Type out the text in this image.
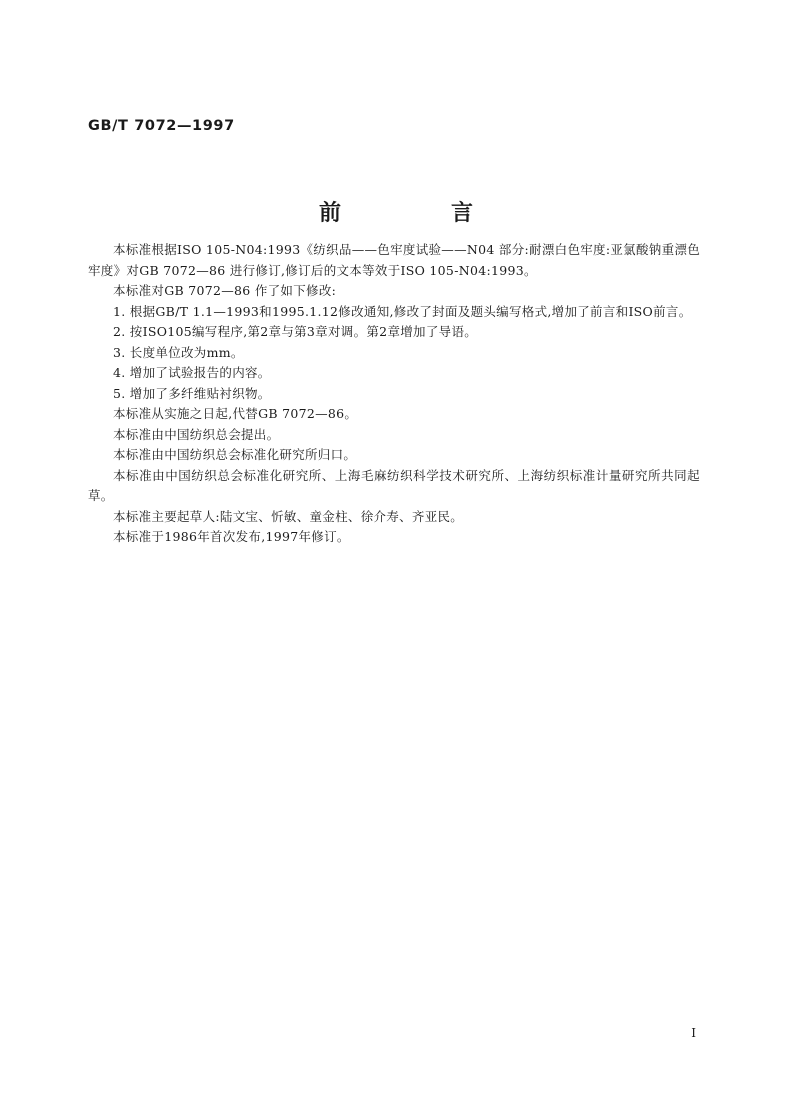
GB/T 7072—1997
前　言

本标准根据ISO 105-N04:1993《纺织品——色牢度试验——N04 部分:耐漂白色牢度:亚氯酸钠重漂色牢度》对GB 7072—86 进行修订,修订后的文本等效于ISO 105-N04:1993。

本标准对GB 7072—86 作了如下修改:

1. 根据GB/T 1.1—1993和1995.1.12修改通知,修改了封面及题头编写格式,增加了前言和ISO前言。

2. 按ISO105编写程序,第2章与第3章对调。第2章增加了导语。

3. 长度单位改为mm。

4. 增加了试验报告的内容。

5. 增加了多纤维贴衬织物。

本标准从实施之日起,代替GB 7072—86。

本标准由中国纺织总会提出。

本标准由中国纺织总会标准化研究所归口。

本标准由中国纺织总会标准化研究所、上海毛麻纺织科学技术研究所、上海纺织标准计量研究所共同起草。

本标准主要起草人:陆文宝、忻敏、童金柱、徐介寿、齐亚民。

本标准于1986年首次发布,1997年修订。

I
